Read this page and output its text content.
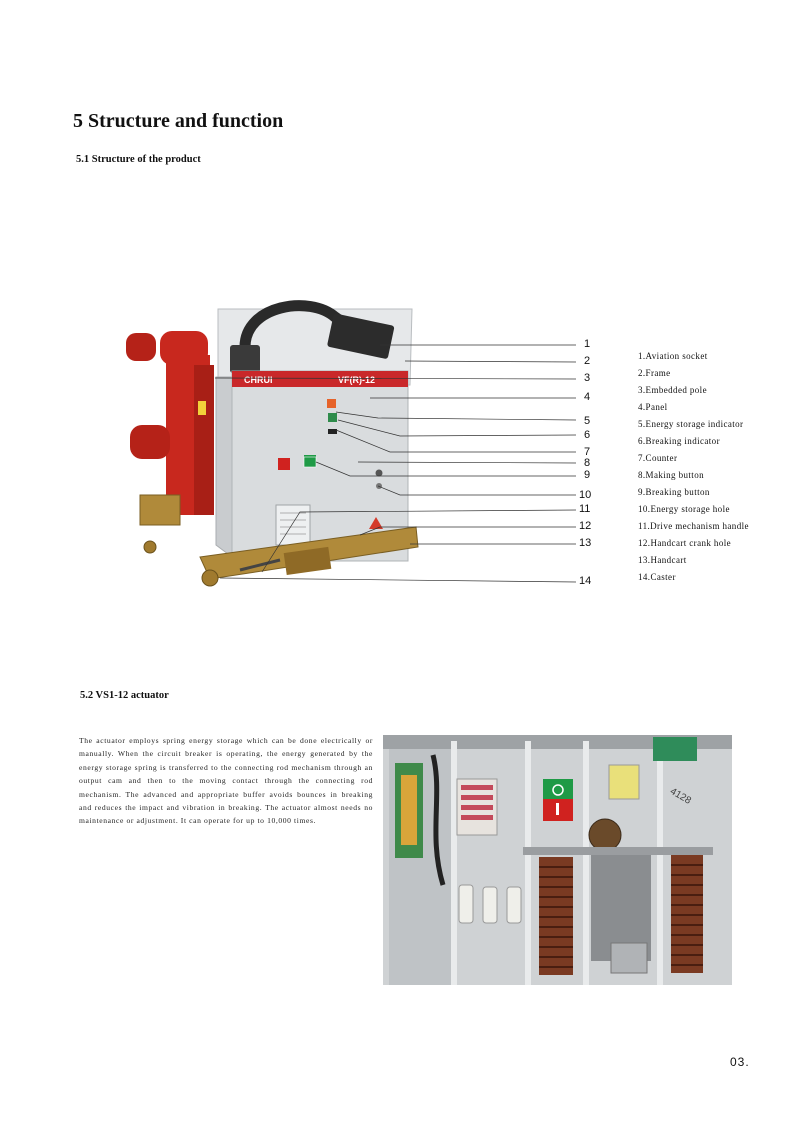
5 Structure and function

5.1 Structure of the product

CHRUI	VF(R)-12
1
2
3
4
5
6
7
8
9
10
11
12
13
14
1.Aviation socket
2.Frame
3.Embedded pole
4.Panel
5.Energy storage indicator
6.Breaking indicator
7.Counter
8.Making button
9.Breaking button
10.Energy storage hole
11.Drive mechanism handle
12.Handcart crank hole
13.Handcart
14.Caster

5.2 VS1-12 actuator

The actuator employs spring energy storage which can be done electrically or manually. When the circuit breaker is operating, the energy generated by the energy storage spring is transferred to the connecting rod mechanism through an output cam and then to the moving contact through the connecting rod mechanism. The advanced and appropriate buffer avoids bounces in breaking and reduces the impact and vibration in breaking. The actuator almost needs no maintenance or adjustment. It can operate for up to 10,000 times.

4128
03.
